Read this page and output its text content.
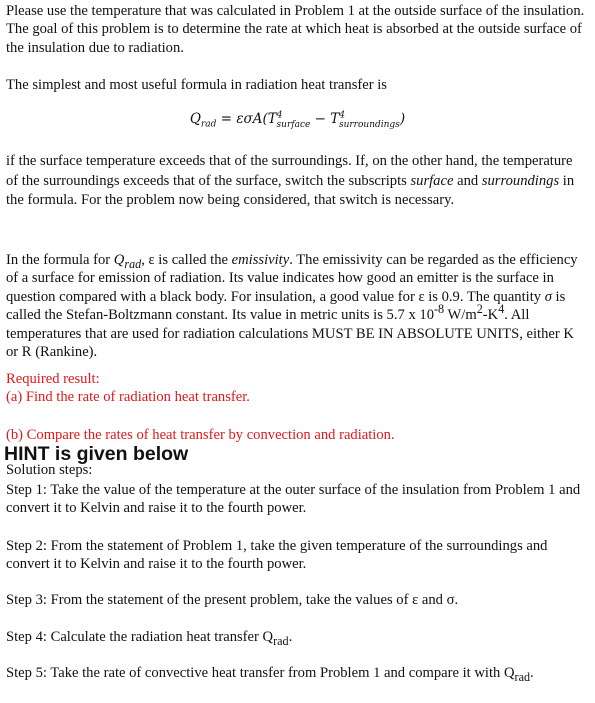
Please use the temperature that was calculated in Problem 1 at the outside surface of the insulation. The goal of this problem is to determine the rate at which heat is absorbed at the outside surface of the insulation due to radiation.
The simplest and most useful formula in radiation heat transfer is
$Q_{rad} = \varepsilon\sigma A(T^4_{surface} - T^4_{surroundings})$
if the surface temperature exceeds that of the surroundings. If, on the other hand, the temperature of the surroundings exceeds that of the surface, switch the subscripts surface and surroundings in the formula. For the problem now being considered, that switch is necessary.
In the formula for $Q_{rad}$, ε is called the emissivity. The emissivity can be regarded as the efficiency of a surface for emission of radiation. Its value indicates how good an emitter is the surface in question compared with a black body. For insulation, a good value for ε is 0.9. The quantity σ is called the Stefan-Boltzmann constant. Its value in metric units is 5.7 x $10^{-8}$ $W/m^2-K^4$. All temperatures that are used for radiation calculations MUST BE IN ABSOLUTE UNITS, either K or R (Rankine).
Required result:
(a) Find the rate of radiation heat transfer.
(b) Compare the rates of heat transfer by convection and radiation.
HINT is given below
Solution steps:
Step 1: Take the value of the temperature at the outer surface of the insulation from Problem 1 and convert it to Kelvin and raise it to the fourth power.
Step 2: From the statement of Problem 1, take the given temperature of the surroundings and convert it to Kelvin and raise it to the fourth power.
Step 3: From the statement of the present problem, take the values of ε and σ.
Step 4: Calculate the radiation heat transfer $Q_{rad}$.
Step 5: Take the rate of convective heat transfer from Problem 1 and compare it with $Q_{rad}$.
